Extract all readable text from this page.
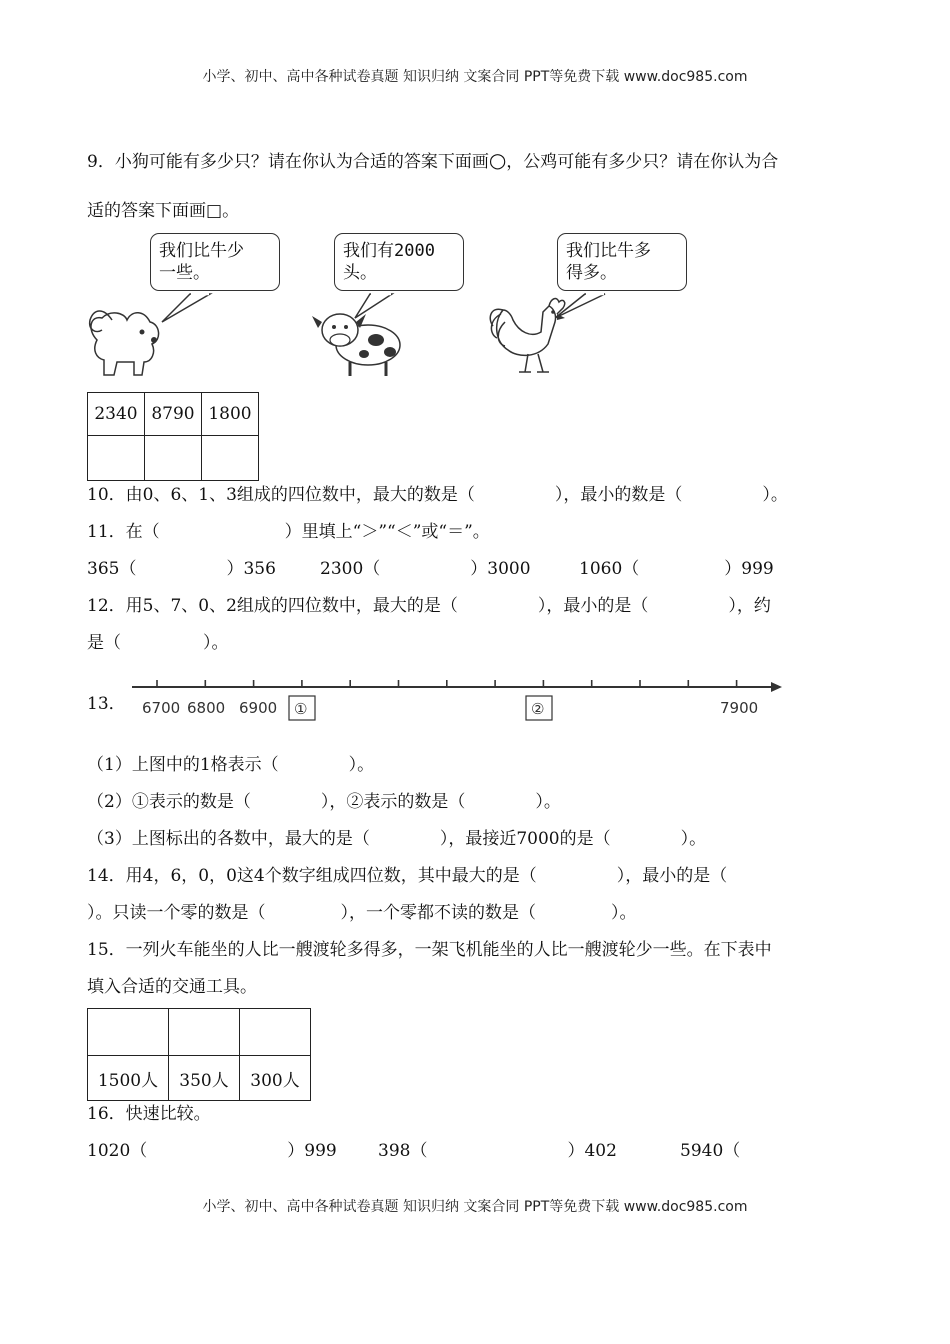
小学、初中、高中各种试卷真题 知识归纳 文案合同 PPT等免费下载 www.doc985.com
9．小狗可能有多少只？请在你认为合适的答案下面画○，公鸡可能有多少只？请在你认为合
适的答案下面画□。
我们比牛少
一些。
我们有2000
头。
我们比牛多
得多。
2340	8790	1800

10．由0、6、1、3组成的四位数中，最大的数是（	），最小的数是（	）。
11．在（	）里填上“＞”“＜”或“＝”。
365（	）356	2300（	）3000	1060（	）999
12．用5、7、0、2组成的四位数中，最大的是（	），最小的是（	），约
是（	）。
13． 6700 6800 6900	7900
①	②
（1）上图中的1格表示（	）。
（2）①表示的数是（	），②表示的数是（	）。
（3）上图标出的各数中，最大的是（	），最接近7000的是（	）。
14．用4，6，0，0这4个数字组成四位数，其中最大的是（	），最小的是（
）。只读一个零的数是（	），一个零都不读的数是（	）。
15．一列火车能坐的人比一艘渡轮多得多，一架飞机能坐的人比一艘渡轮少一些。在下表中
填入合适的交通工具。

1500人	350人	300人
16．快速比较。
1020（	）999 398（	）402	5940（
小学、初中、高中各种试卷真题 知识归纳 文案合同 PPT等免费下载 www.doc985.com
